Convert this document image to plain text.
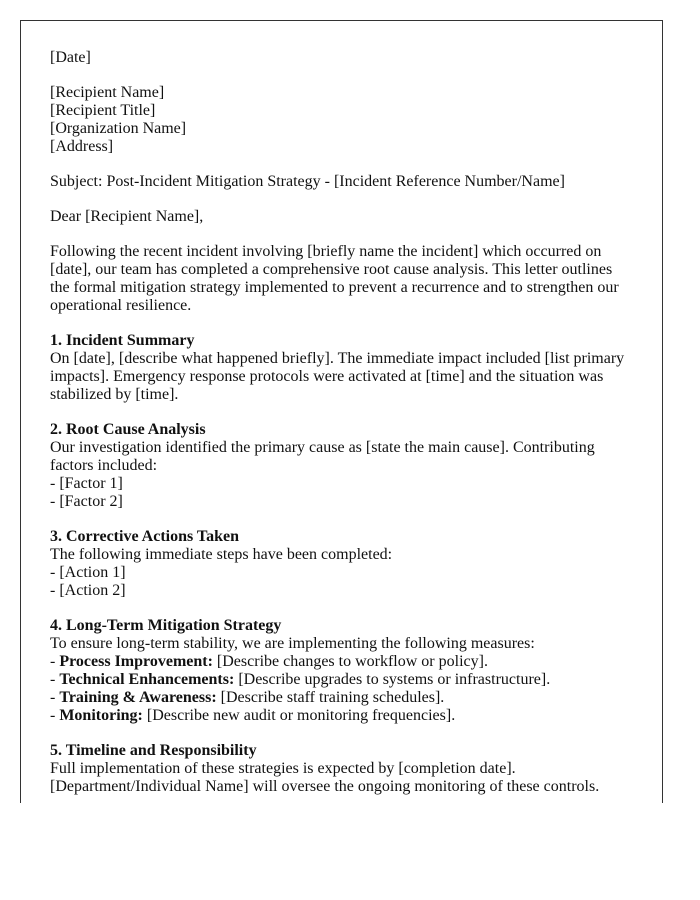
[Date]

[Recipient Name]
[Recipient Title]
[Organization Name]
[Address]

Subject: Post-Incident Mitigation Strategy - [Incident Reference Number/Name]

Dear [Recipient Name],

Following the recent incident involving [briefly name the incident] which occurred on [date], our team has completed a comprehensive root cause analysis. This letter outlines the formal mitigation strategy implemented to prevent a recurrence and to strengthen our operational resilience.

1. Incident Summary
On [date], [describe what happened briefly]. The immediate impact included [list primary impacts]. Emergency response protocols were activated at [time] and the situation was stabilized by [time].

2. Root Cause Analysis
Our investigation identified the primary cause as [state the main cause]. Contributing factors included:
- [Factor 1]
- [Factor 2]

3. Corrective Actions Taken
The following immediate steps have been completed:
- [Action 1]
- [Action 2]

4. Long-Term Mitigation Strategy
To ensure long-term stability, we are implementing the following measures:
- Process Improvement: [Describe changes to workflow or policy].
- Technical Enhancements: [Describe upgrades to systems or infrastructure].
- Training & Awareness: [Describe staff training schedules].
- Monitoring: [Describe new audit or monitoring frequencies].

5. Timeline and Responsibility
Full implementation of these strategies is expected by [completion date]. [Department/Individual Name] will oversee the ongoing monitoring of these controls.
